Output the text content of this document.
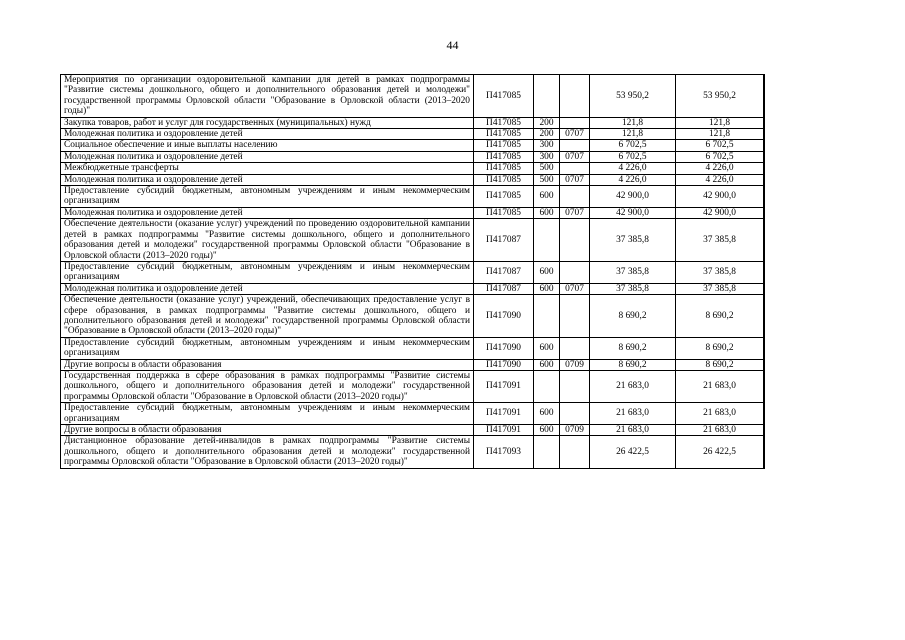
44
Мероприятия по организации оздоровительной кампании для детей в рамках подпрограммы "Развитие системы дошкольного, общего и дополнительного образования детей и молодежи" государственной программы Орловской области "Образование в Орловской области (2013–2020 годы)"	П417085			53 950,2	53 950,2	
Закупка товаров, работ и услуг для государственных (муниципальных) нужд	П417085	200		121,8	121,8	
Молодежная политика и оздоровление детей	П417085	200	0707	121,8	121,8	
Социальное обеспечение и иные выплаты населению	П417085	300		6 702,5	6 702,5	
Молодежная политика и оздоровление детей	П417085	300	0707	6 702,5	6 702,5	
Межбюджетные трансферты	П417085	500		4 226,0	4 226,0	
Молодежная политика и оздоровление детей	П417085	500	0707	4 226,0	4 226,0	
Предоставление субсидий бюджетным, автономным учреждениям и иным некоммерческим организациям	П417085	600		42 900,0	42 900,0	
Молодежная политика и оздоровление детей	П417085	600	0707	42 900,0	42 900,0	
Обеспечение деятельности (оказание услуг) учреждений по проведению оздоровительной кампании детей в рамках подпрограммы "Развитие системы дошкольного, общего и дополнительного образования детей и молодежи" государственной программы Орловской области "Образование в Орловской области (2013–2020 годы)"	П417087			37 385,8	37 385,8	
Предоставление субсидий бюджетным, автономным учреждениям и иным некоммерческим организациям	П417087	600		37 385,8	37 385,8	
Молодежная политика и оздоровление детей	П417087	600	0707	37 385,8	37 385,8	
Обеспечение деятельности (оказание услуг) учреждений, обеспечивающих предоставление услуг в сфере образования, в рамках подпрограммы "Развитие системы дошкольного, общего и дополнительного образования детей и молодежи" государственной программы Орловской области "Образование в Орловской области (2013–2020 годы)"	П417090			8 690,2	8 690,2	
Предоставление субсидий бюджетным, автономным учреждениям и иным некоммерческим организациям	П417090	600		8 690,2	8 690,2	
Другие вопросы в области образования	П417090	600	0709	8 690,2	8 690,2	
Государственная поддержка в сфере образования в рамках подпрограммы "Развитие системы дошкольного, общего и дополнительного образования детей и молодежи" государственной программы Орловской области "Образование в Орловской области (2013–2020 годы)"	П417091			21 683,0	21 683,0	
Предоставление субсидий бюджетным, автономным учреждениям и иным некоммерческим организациям	П417091	600		21 683,0	21 683,0	
Другие вопросы в области образования	П417091	600	0709	21 683,0	21 683,0	
Дистанционное образование детей-инвалидов в рамках подпрограммы "Развитие системы дошкольного, общего и дополнительного образования детей и молодежи" государственной программы Орловской области "Образование в Орловской области (2013–2020 годы)"	П417093			26 422,5	26 422,5	
